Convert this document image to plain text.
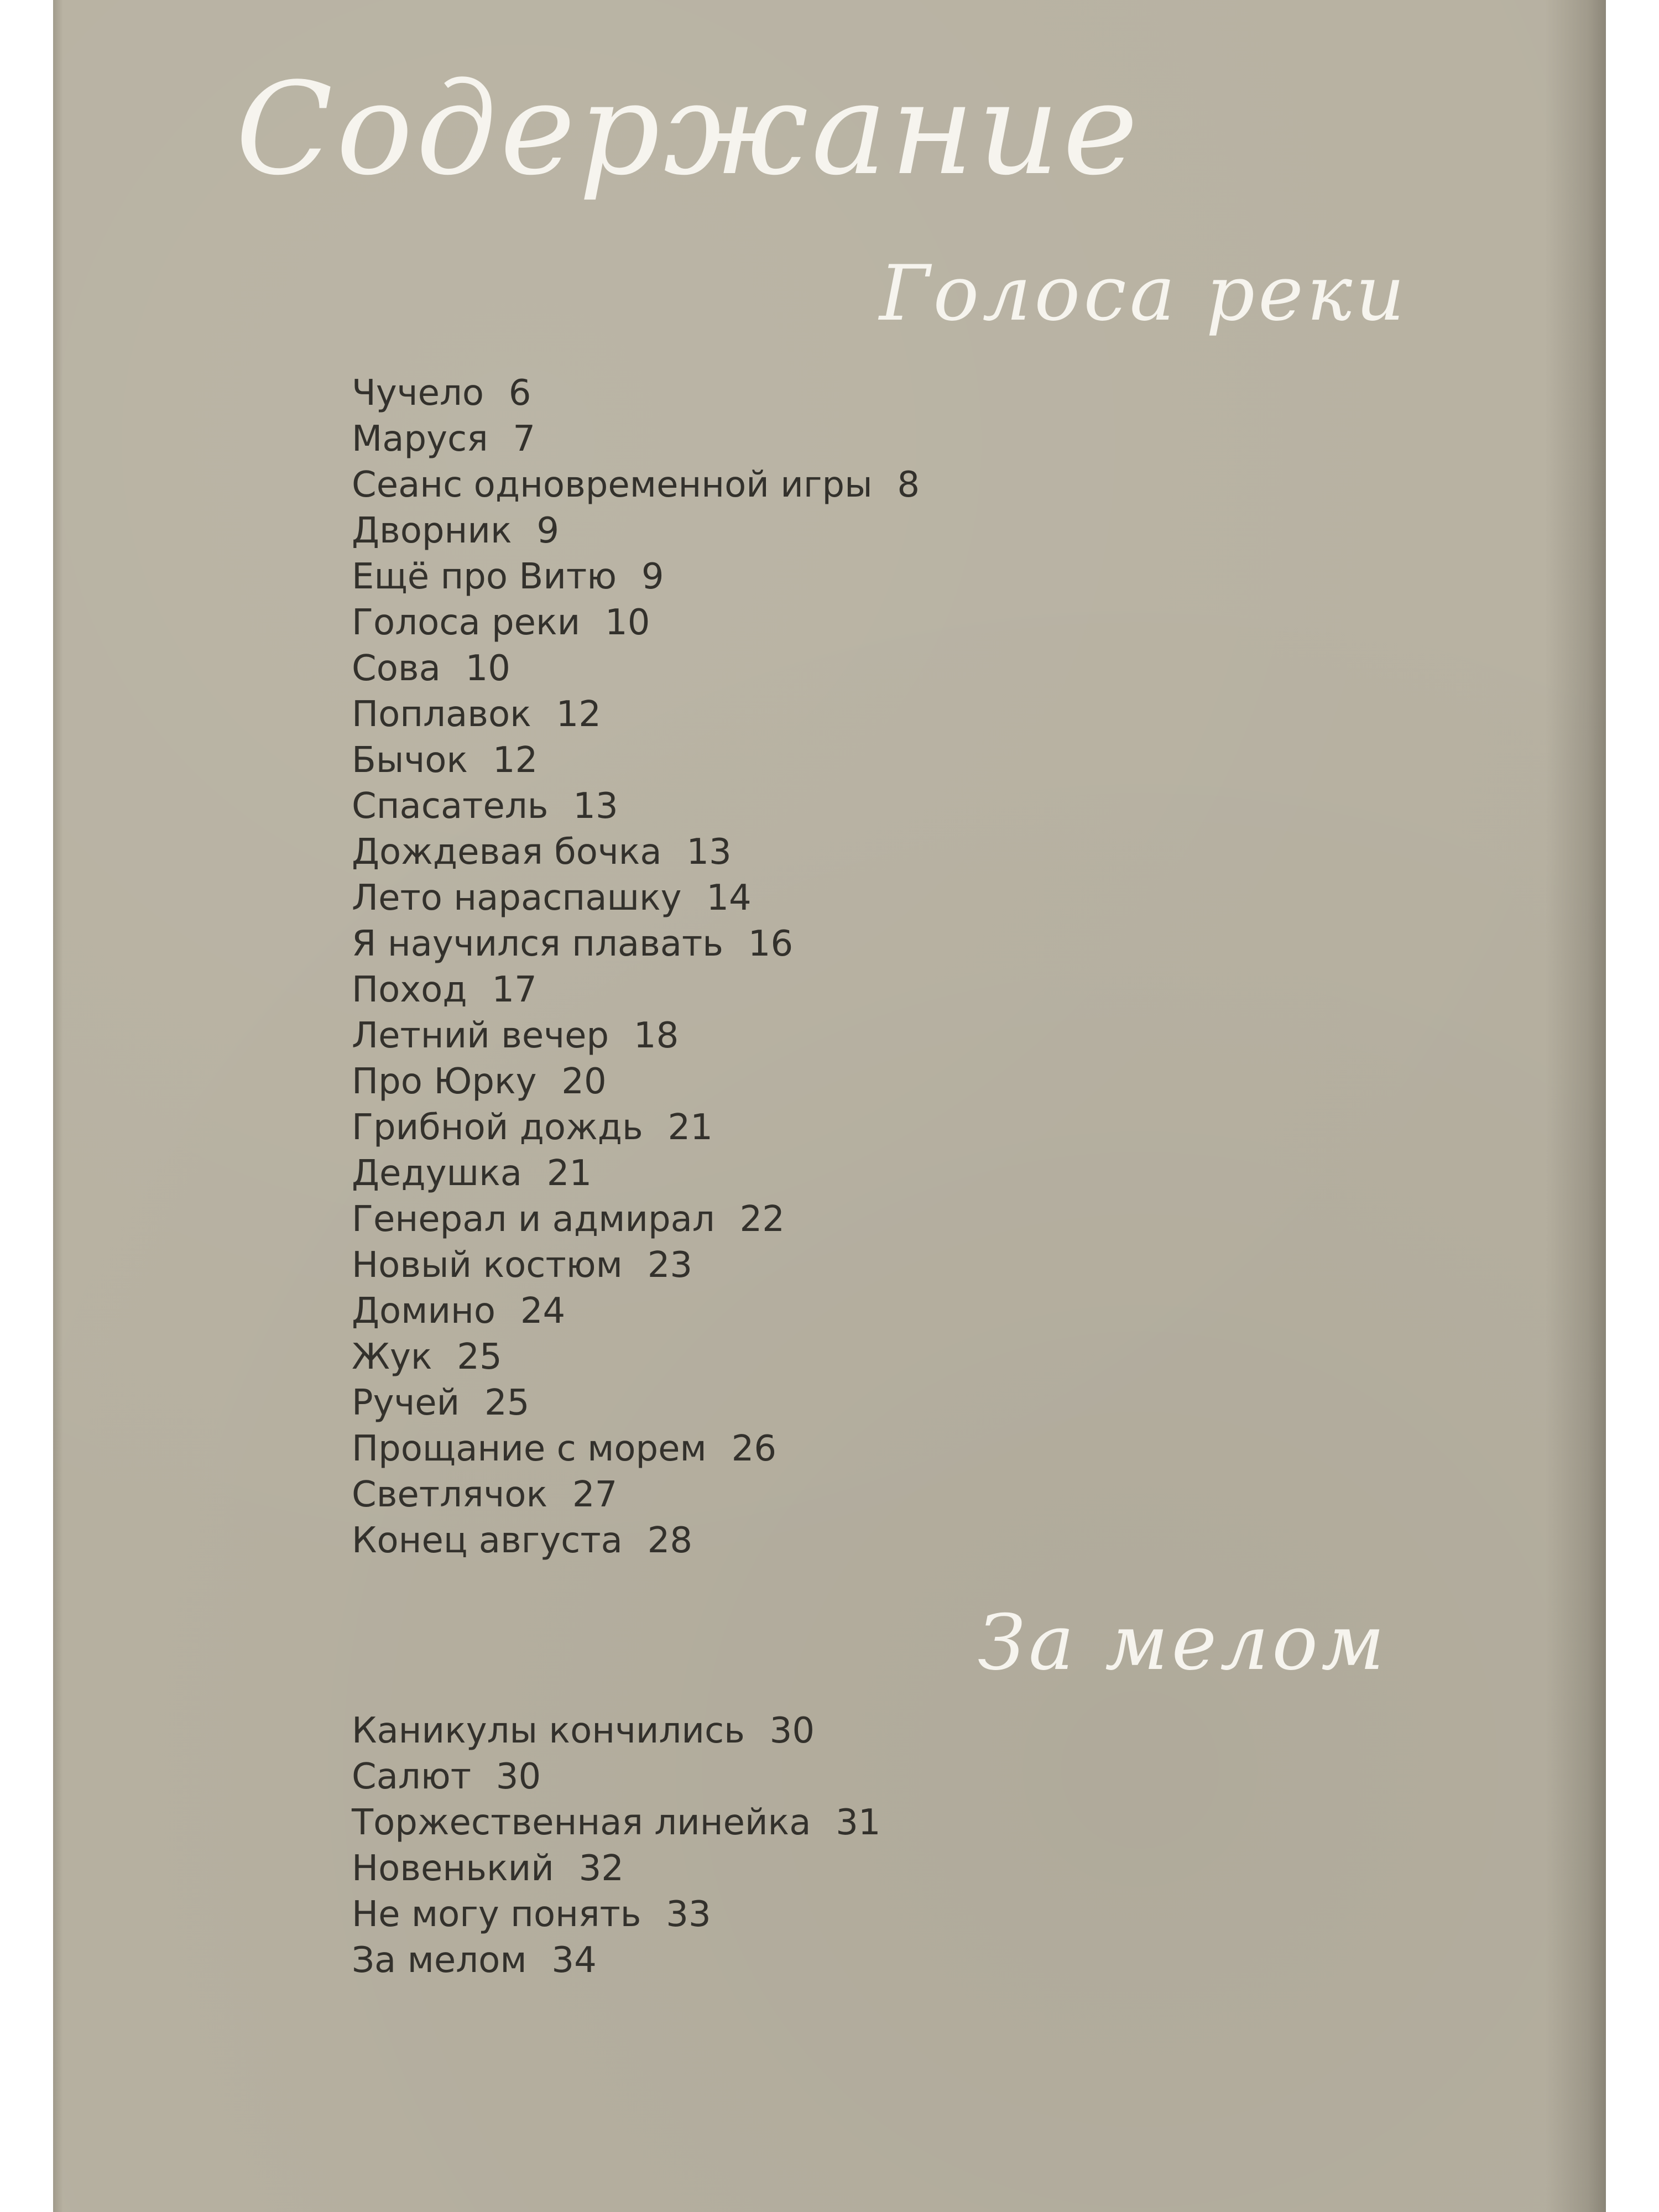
Содержание
Голоса реки
Чучело 6
Маруся 7
Сеанс одновременной игры 8
Дворник 9
Ещё про Витю 9
Голоса реки 10
Сова 10
Поплавок 12
Бычок 12
Спасатель 13
Дождевая бочка 13
Лето нараспашку 14
Я научился плавать 16
Поход 17
Летний вечер 18
Про Юрку 20
Грибной дождь 21
Дедушка 21
Генерал и адмирал 22
Новый костюм 23
Домино 24
Жук 25
Ручей 25
Прощание с морем 26
Светлячок 27
Конец августа 28
За мелом
Каникулы кончились 30
Салют 30
Торжественная линейка 31
Новенький 32
Не могу понять 33
За мелом 34
